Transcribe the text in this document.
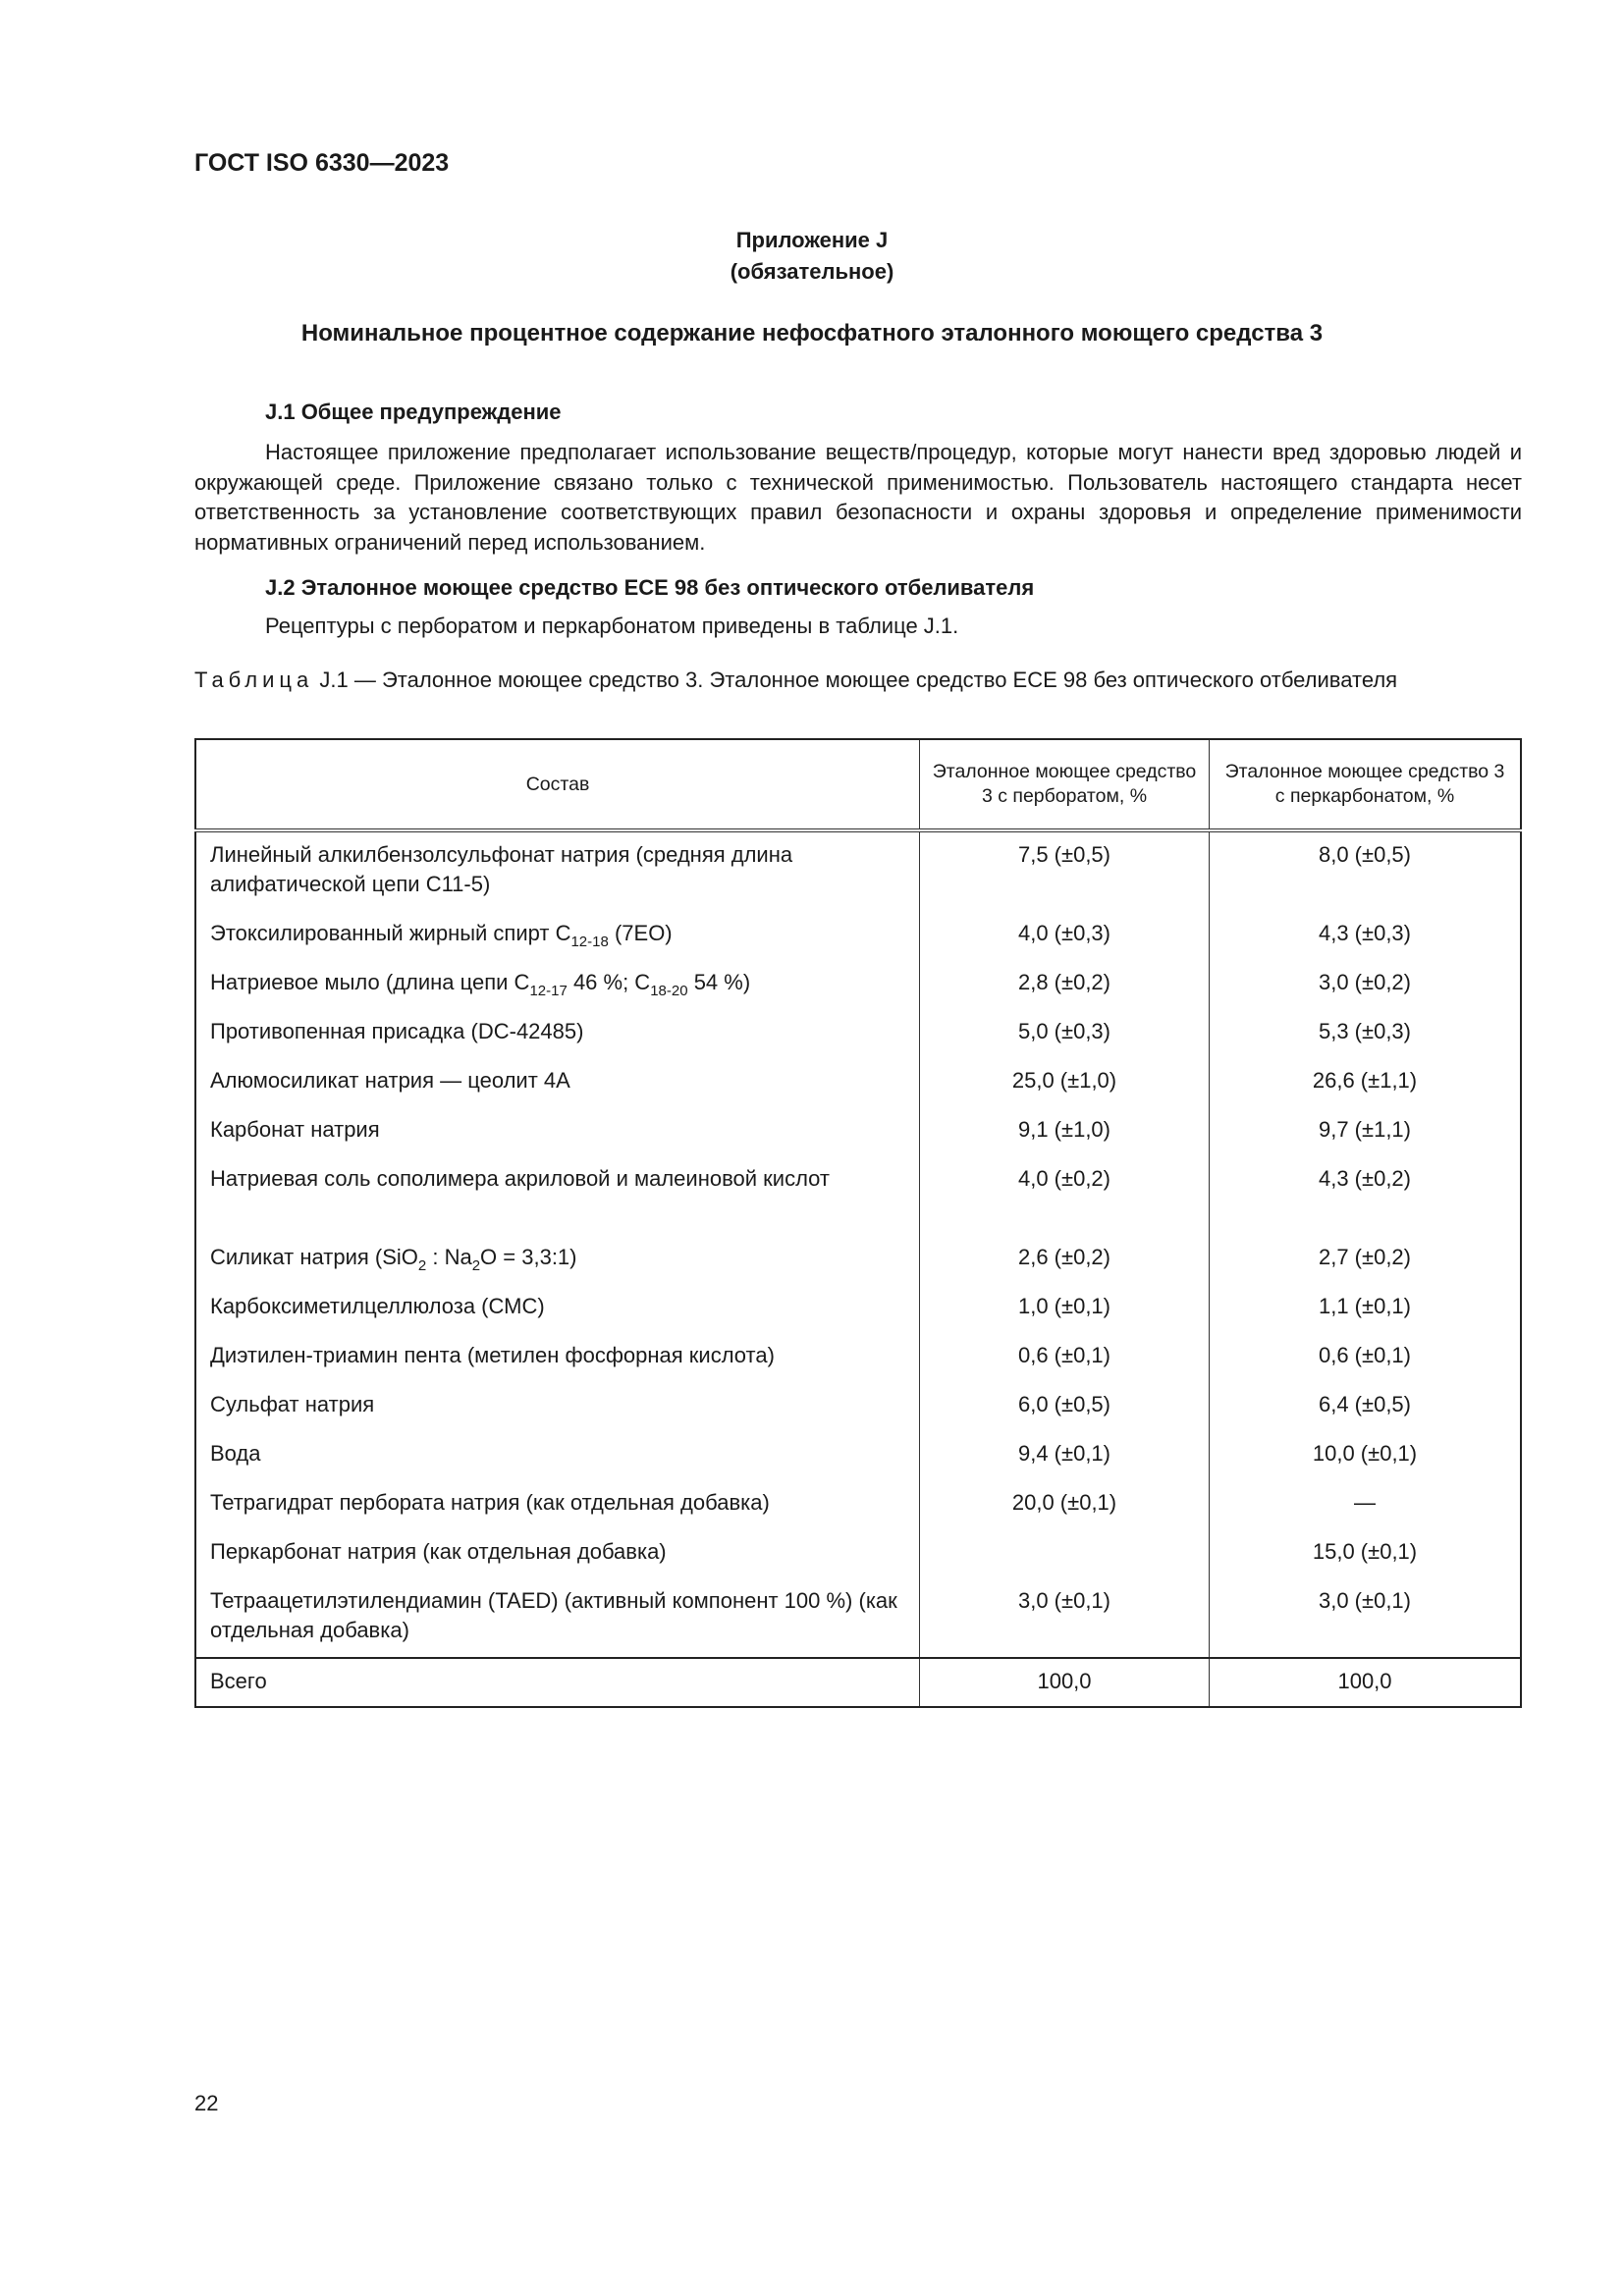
ГОСТ ISO 6330—2023
Приложение J
(обязательное)
Номинальное процентное содержание нефосфатного эталонного моющего средства 3
J.1 Общее предупреждение
Настоящее приложение предполагает использование веществ/процедур, которые могут нанести вред здоровью людей и окружающей среде. Приложение связано только с технической применимостью. Пользователь настоящего стандарта несет ответственность за установление соответствующих правил безопасности и охраны здоровья и определение применимости нормативных ограничений перед использованием.
J.2 Эталонное моющее средство ECE 98 без оптического отбеливателя
Рецептуры с перборатом и перкарбонатом приведены в таблице J.1.
Таблица J.1 — Эталонное моющее средство 3. Эталонное моющее средство ECE 98 без оптического отбеливателя
Состав	Эталонное моющее средство 3 с перборатом, %	Эталонное моющее средство 3 с перкарбонатом, %
Линейный алкилбензолсульфонат натрия (средняя длина алифатической цепи С11-5)	7,5 (±0,5)	8,0 (±0,5)
Этоксилированный жирный спирт $С_{12-18}$ (7EO)	4,0 (±0,3)	4,3 (±0,3)
Натриевое мыло (длина цепи $С_{12-17}$ 46 %; $С_{18-20}$ 54 %)	2,8 (±0,2)	3,0 (±0,2)
Противопенная присадка (DC-42485)	5,0 (±0,3)	5,3 (±0,3)
Алюмосиликат натрия — цеолит 4А	25,0 (±1,0)	26,6 (±1,1)
Карбонат натрия	9,1 (±1,0)	9,7 (±1,1)
Натриевая соль сополимера акриловой и малеиновой кислот	4,0 (±0,2)	4,3 (±0,2)
Силикат натрия (SiO$_2$ : $Na_2O$ = 3,3:1)	2,6 (±0,2)	2,7 (±0,2)
Карбоксиметилцеллюлоза (СМС)	1,0 (±0,1)	1,1 (±0,1)
Диэтилен-триамин пента (метилен фосфорная кислота)	0,6 (±0,1)	0,6 (±0,1)
Сульфат натрия	6,0 (±0,5)	6,4 (±0,5)
Вода	9,4 (±0,1)	10,0 (±0,1)
Тетрагидрат пербората натрия (как отдельная добавка)	20,0 (±0,1)	—
Перкарбонат натрия (как отдельная добавка)		15,0 (±0,1)
Тетраацетилэтилендиамин (TAED) (активный компонент 100 %) (как отдельная добавка)	3,0 (±0,1)	3,0 (±0,1)
Всего	100,0	100,0
22
